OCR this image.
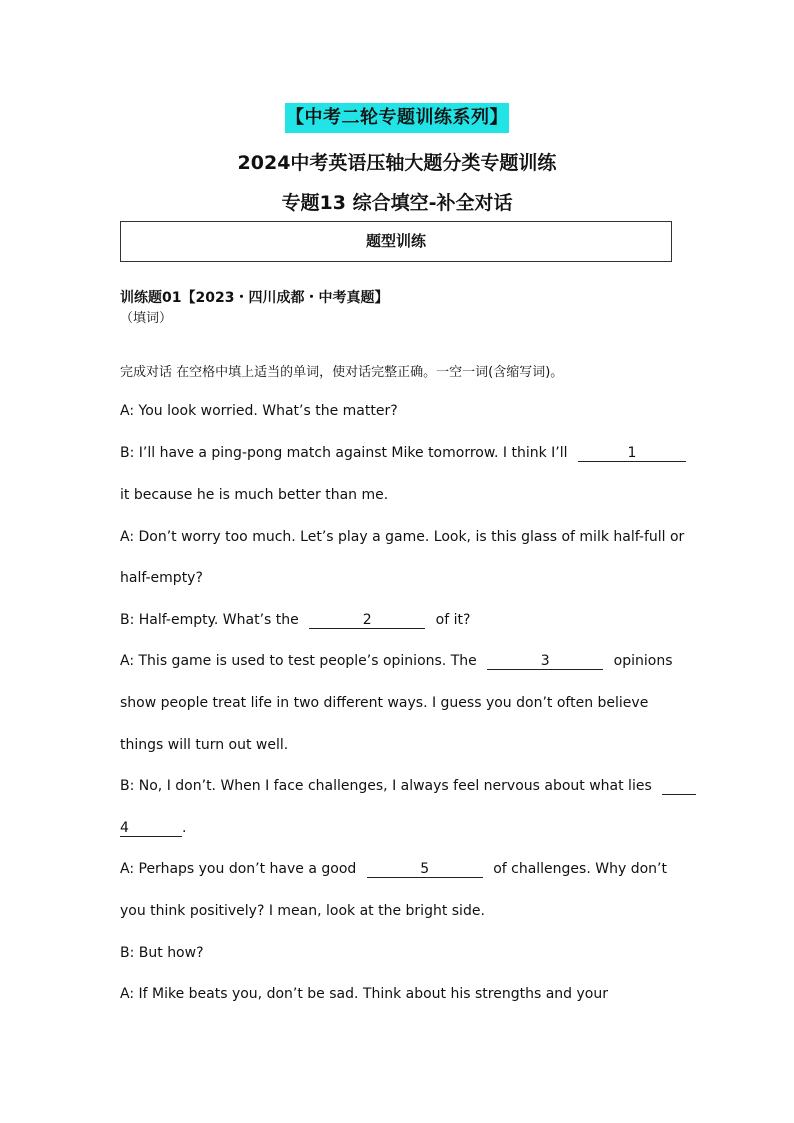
【中考二轮专题训练系列】
2024中考英语压轴大题分类专题训练
专题13 综合填空-补全对话
题型训练
训练题01【2023・四川成都・中考真题】
（填词）
完成对话 在空格中填上适当的单词，使对话完整正确。一空一词(含缩写词)。
A: You look worried. What’s the matter?
B: I’ll have a ping-pong match against Mike tomorrow. I think I’ll	1
it because he is much better than me.
A: Don’t worry too much. Let’s play a game. Look, is this glass of milk half-full or
half-empty?
B: Half-empty. What’s the	2	of it?
A: This game is used to test people’s opinions. The	3	opinions
show people treat life in two different ways. I guess you don’t often believe
things will turn out well.
B: No, I don’t. When I face challenges, I always feel nervous about what lies
4	.
A: Perhaps you don’t have a good	5	of challenges. Why don’t
you think positively? I mean, look at the bright side.
B: But how?
A: If Mike beats you, don’t be sad. Think about his strengths and your
